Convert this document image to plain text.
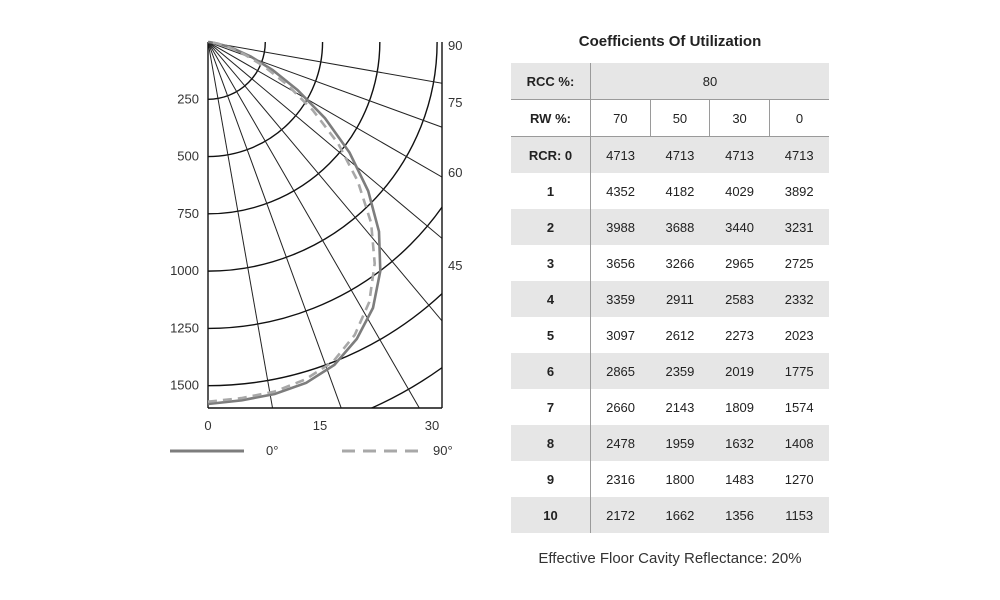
250
500
750
1000
1250
1500
0	15	30
90
75
60
45
0°	90°
Coefficients Of Utilization
RCC %:	80			
RW %:	70	50	30	0
RCR: 0	4713	4713	4713	4713
1	4352	4182	4029	3892
2	3988	3688	3440	3231
3	3656	3266	2965	2725
4	3359	2911	2583	2332
5	3097	2612	2273	2023
6	2865	2359	2019	1775
7	2660	2143	1809	1574
8	2478	1959	1632	1408
9	2316	1800	1483	1270
10	2172	1662	1356	1153
Effective Floor Cavity Reflectance: 20%
